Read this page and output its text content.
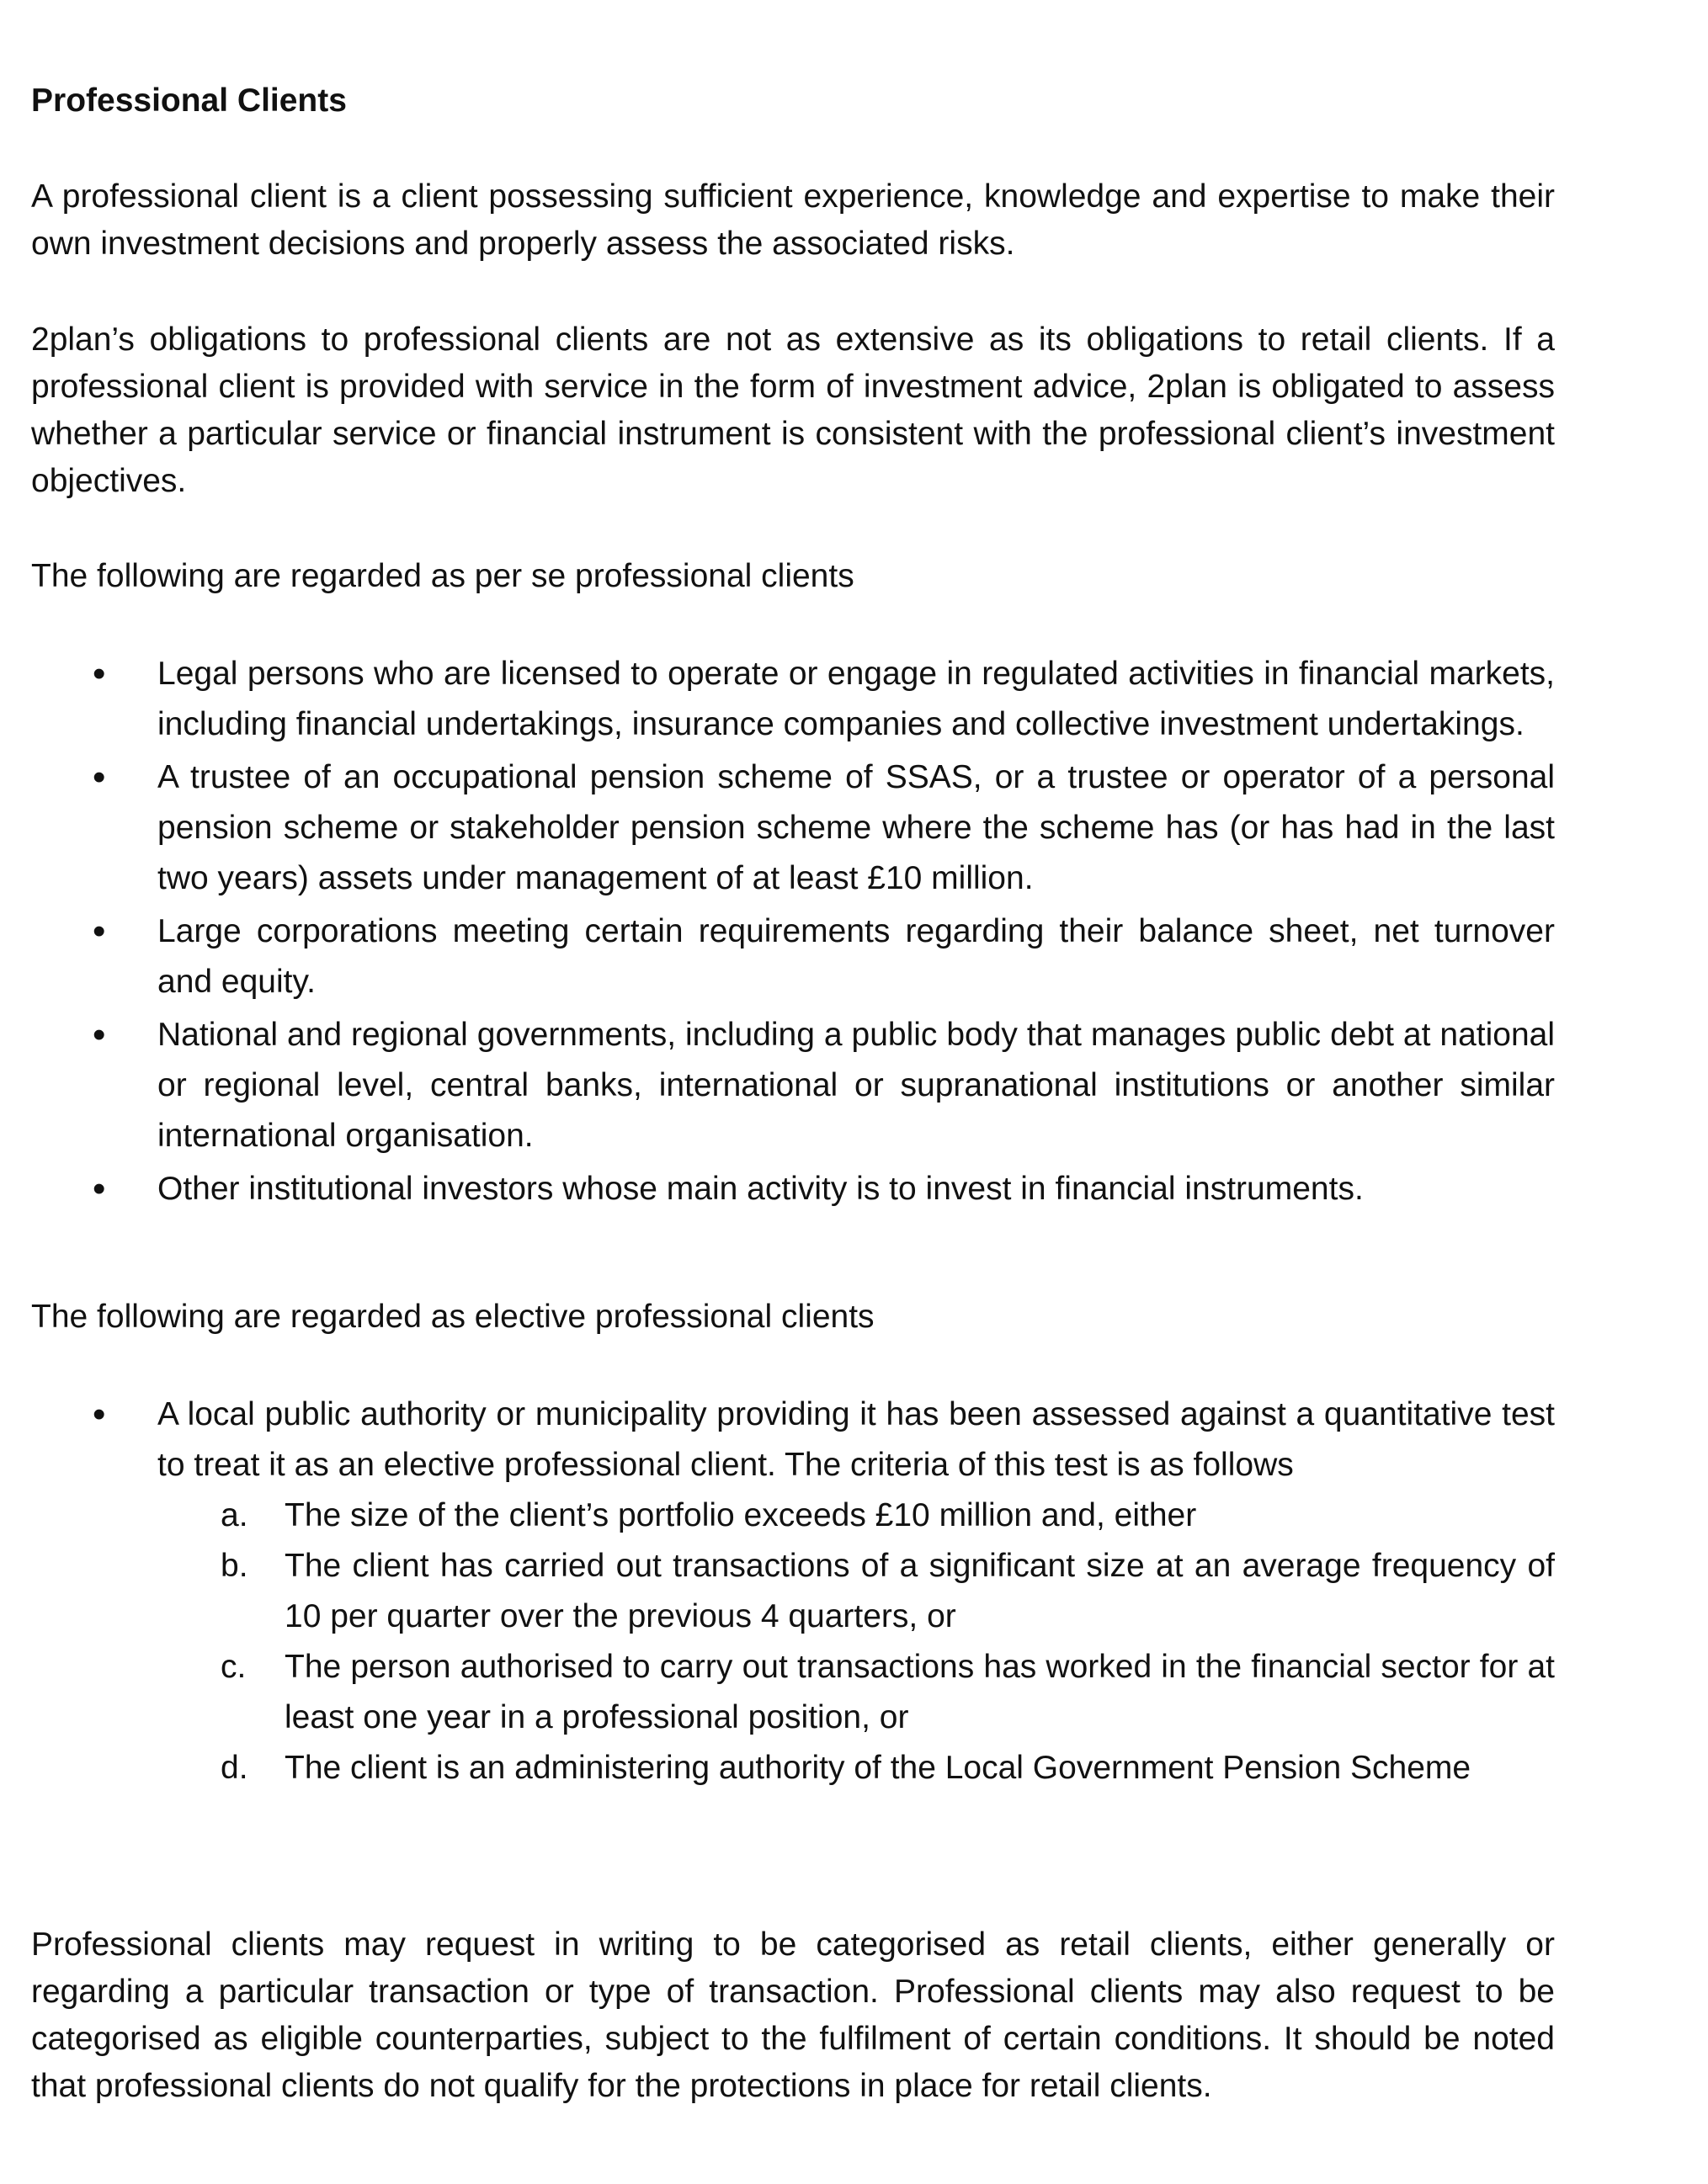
Professional Clients

A professional client is a client possessing sufficient experience, knowledge and expertise to make their own investment decisions and properly assess the associated risks.

2plan’s obligations to professional clients are not as extensive as its obligations to retail clients. If a professional client is provided with service in the form of investment advice, 2plan is obligated to assess whether a particular service or financial instrument is consistent with the professional client’s investment objectives.

The following are regarded as per se professional clients

• Legal persons who are licensed to operate or engage in regulated activities in financial markets, including financial undertakings, insurance companies and collective investment undertakings.
• A trustee of an occupational pension scheme of SSAS, or a trustee or operator of a personal pension scheme or stakeholder pension scheme where the scheme has (or has had in the last two years) assets under management of at least £10 million.
• Large corporations meeting certain requirements regarding their balance sheet, net turnover and equity.
• National and regional governments, including a public body that manages public debt at national or regional level, central banks, international or supranational institutions or another similar international organisation.
• Other institutional investors whose main activity is to invest in financial instruments.

The following are regarded as elective professional clients

• A local public authority or municipality providing it has been assessed against a quantitative test to treat it as an elective professional client. The criteria of this test is as follows
a. The size of the client’s portfolio exceeds £10 million and, either
b. The client has carried out transactions of a significant size at an average frequency of 10 per quarter over the previous 4 quarters, or
c. The person authorised to carry out transactions has worked in the financial sector for at least one year in a professional position, or
d. The client is an administering authority of the Local Government Pension Scheme

Professional clients may request in writing to be categorised as retail clients, either generally or regarding a particular transaction or type of transaction. Professional clients may also request to be categorised as eligible counterparties, subject to the fulfilment of certain conditions. It should be noted that professional clients do not qualify for the protections in place for retail clients.
